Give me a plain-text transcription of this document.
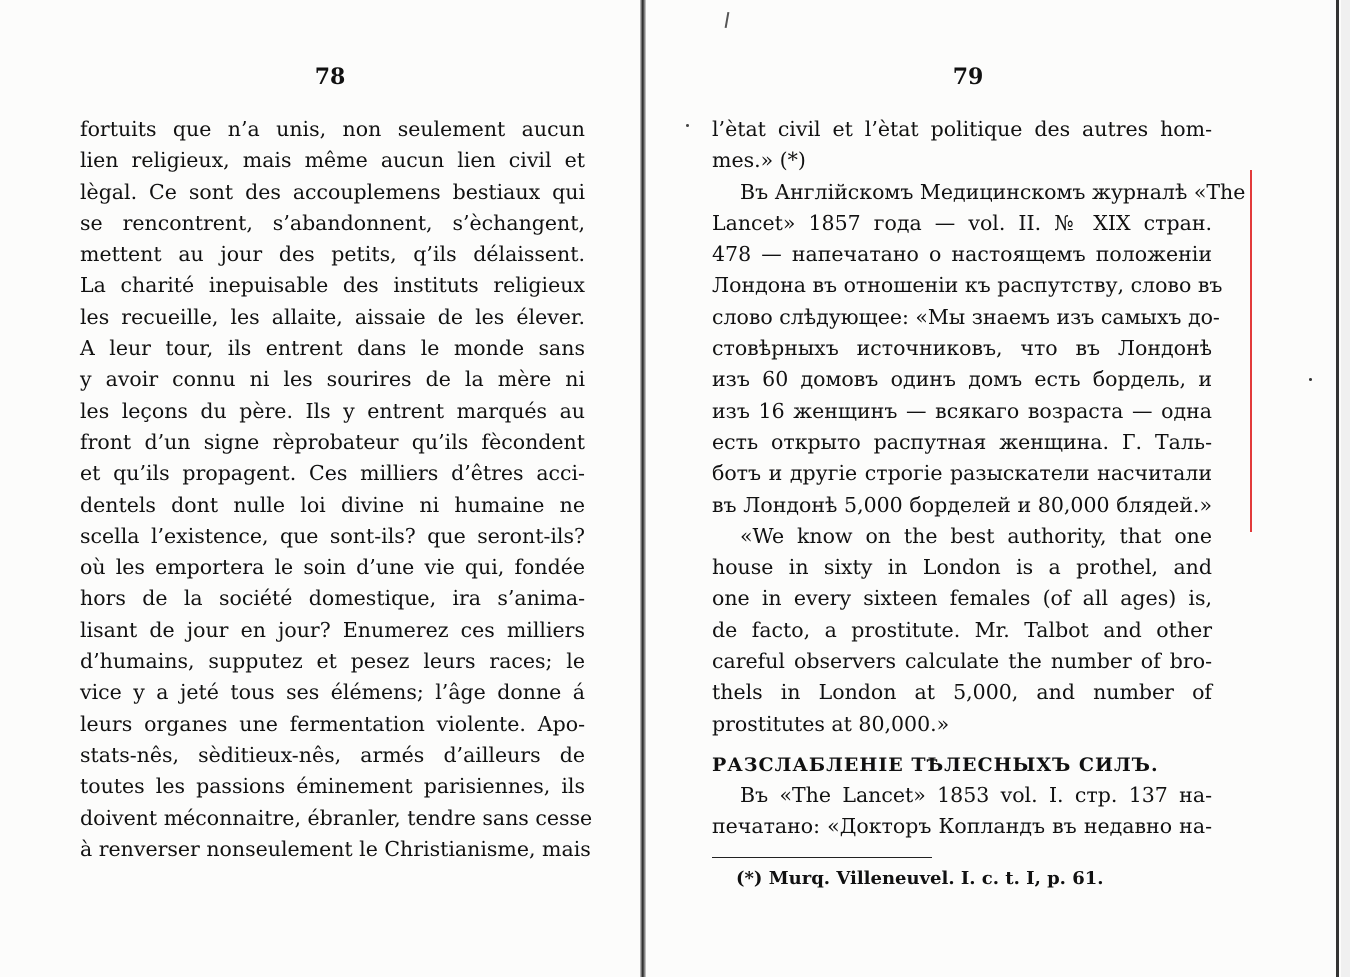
78
fortuits que n’a unis, non seulement aucun
lien religieux, mais même aucun lien civil et
lègal. Ce sont des accouplemens bestiaux qui
se rencontrent, s’abandonnent, s’èchangent,
mettent au jour des petits, q’ils délaissent.
La charité inepuisable des instituts religieux
les recueille, les allaite, aissaie de les élever.
A leur tour, ils entrent dans le monde sans
y avoir connu ni les sourires de la mère ni
les leçons du père. Ils y entrent marqués au
front d’un signe rèprobateur qu’ils fècondent
et qu’ils propagent. Ces milliers d’êtres acci-
dentels dont nulle loi divine ni humaine ne
scella l’existence, que sont-ils? que seront-ils?
où les emportera le soin d’une vie qui, fondée
hors de la société domestique, ira s’anima-
lisant de jour en jour? Enumerez ces milliers
d’humains, supputez et pesez leurs races; le
vice y a jeté tous ses élémens; l’âge donne á
leurs organes une fermentation violente. Apo-
stats-nês, sèditieux-nês, armés d’ailleurs de
toutes les passions éminement parisiennes, ils
doivent méconnaitre, ébranler, tendre sans cesse
à renverser nonseulement le Christianisme, mais
79
l’ètat civil et l’ètat politique des autres hom-
mes.» (*)
Въ Англійскомъ Медицинскомъ журналѣ «The
Lancet» 1857 года — vol. II. № XIX стран.
478 — напечатано о настоящемъ положеніи
Лондона въ отношеніи къ распутству, слово въ
слово слѣдующее: «Мы знаемъ изъ самыхъ до-
стовѣрныхъ источниковъ, что въ Лондонѣ
изъ 60 домовъ одинъ домъ есть бордель, и
изъ 16 женщинъ — всякаго возраста — одна
есть открыто распутная женщина. Г. Таль-
ботъ и другіе строгіе разыскатели насчитали
въ Лондонѣ 5,000 борделей и 80,000 блядей.»
«We know on the best authority, that one
house in sixty in London is a prothel, and
one in every sixteen females (of all ages) is,
de facto, a prostitute. Mr. Talbot and other
careful observers calculate the number of bro-
thels in London at 5,000, and number of
prostitutes at 80,000.»
РАЗСЛАБЛЕНІЕ ТѢЛЕСНЫХЪ СИЛЪ.
Въ «The Lancet» 1853 vol. I. стр. 137 на-
печатано: «Докторъ Копландъ въ недавно на-
(*) Murq. Villeneuvel. I. c. t. I, p. 61.
